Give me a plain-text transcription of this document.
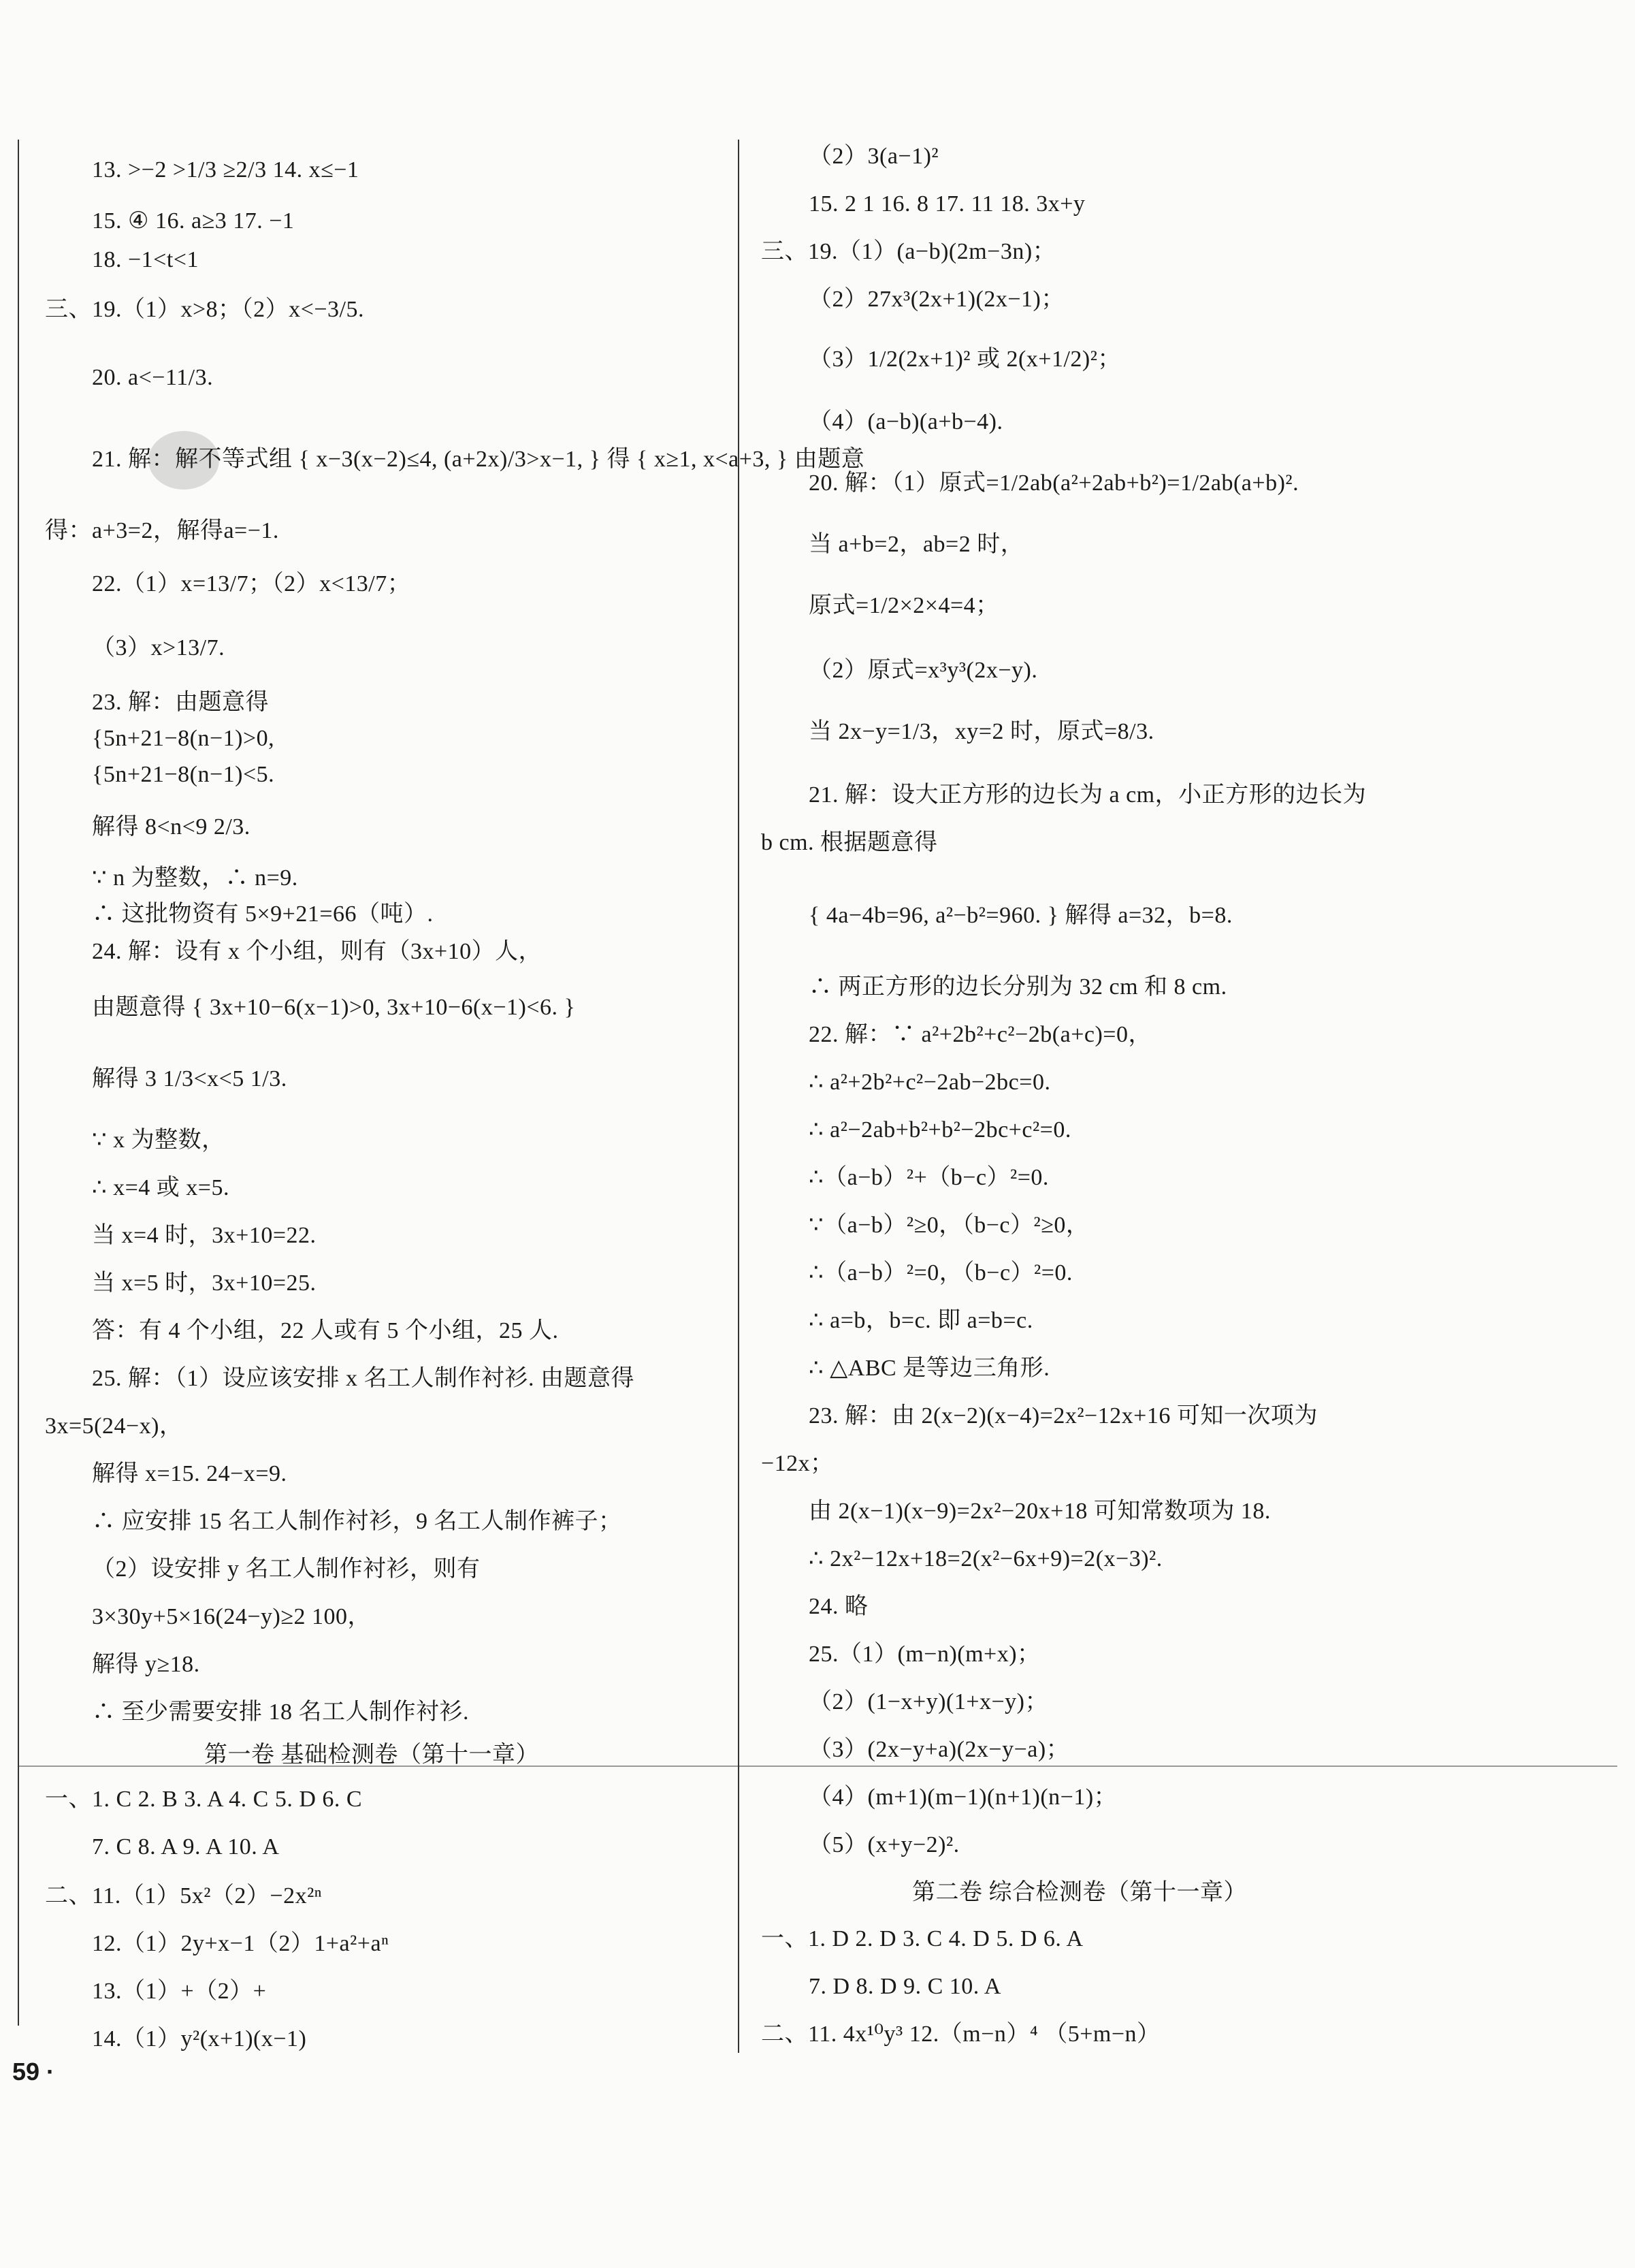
13. >−2 >1/3 ≥2/3 14. x≤−1
15. ④ 16. a≥3 17. −1
18. −1<t<1
三、19.（1）x>8；（2）x<−3/5.
20. a<−11/3.
21. 解：解不等式组 { x−3(x−2)≤4, (a+2x)/3>x−1, } 得 { x≥1, x<a+3, } 由题意
得：a+3=2，解得a=−1.
22.（1）x=13/7；（2）x<13/7；
（3）x>13/7.
23. 解：由题意得
{5n+21−8(n−1)>0,
{5n+21−8(n−1)<5.
解得 8<n<9 2/3.
∵ n 为整数，∴ n=9.
∴ 这批物资有 5×9+21=66（吨）.
24. 解：设有 x 个小组，则有（3x+10）人，
由题意得 { 3x+10−6(x−1)>0, 3x+10−6(x−1)<6. }
解得 3 1/3<x<5 1/3.
∵ x 为整数，
∴ x=4 或 x=5.
当 x=4 时，3x+10=22.
当 x=5 时，3x+10=25.
答：有 4 个小组，22 人或有 5 个小组，25 人.
25. 解：（1）设应该安排 x 名工人制作衬衫. 由题意得
3x=5(24−x)，
解得 x=15. 24−x=9.
∴ 应安排 15 名工人制作衬衫，9 名工人制作裤子；
（2）设安排 y 名工人制作衬衫，则有
3×30y+5×16(24−y)≥2 100，
解得 y≥18.
∴ 至少需要安排 18 名工人制作衬衫.
第一卷 基础检测卷（第十一章）
一、1. C 2. B 3. A 4. C 5. D 6. C
7. C 8. A 9. A 10. A
二、11.（1）5x²（2）−2x²ⁿ
12.（1）2y+x−1（2）1+a²+aⁿ
13.（1）+（2）+
14.（1）y²(x+1)(x−1)
（2）3(a−1)²
15. 2 1 16. 8 17. 11 18. 3x+y
三、19.（1）(a−b)(2m−3n)；
（2）27x³(2x+1)(2x−1)；
（3）1/2(2x+1)² 或 2(x+1/2)²；
（4）(a−b)(a+b−4).
20. 解：（1）原式=1/2ab(a²+2ab+b²)=1/2ab(a+b)².
当 a+b=2，ab=2 时，
原式=1/2×2×4=4；
（2）原式=x³y³(2x−y).
当 2x−y=1/3，xy=2 时，原式=8/3.
21. 解：设大正方形的边长为 a cm，小正方形的边长为
b cm. 根据题意得
{ 4a−4b=96, a²−b²=960. } 解得 a=32，b=8.
∴ 两正方形的边长分别为 32 cm 和 8 cm.
22. 解：∵ a²+2b²+c²−2b(a+c)=0，
∴ a²+2b²+c²−2ab−2bc=0.
∴ a²−2ab+b²+b²−2bc+c²=0.
∴（a−b）²+（b−c）²=0.
∵（a−b）²≥0，（b−c）²≥0，
∴（a−b）²=0，（b−c）²=0.
∴ a=b，b=c. 即 a=b=c.
∴ △ABC 是等边三角形.
23. 解：由 2(x−2)(x−4)=2x²−12x+16 可知一次项为
−12x；
由 2(x−1)(x−9)=2x²−20x+18 可知常数项为 18.
∴ 2x²−12x+18=2(x²−6x+9)=2(x−3)².
24. 略
25.（1）(m−n)(m+x)；
（2）(1−x+y)(1+x−y)；
（3）(2x−y+a)(2x−y−a)；
（4）(m+1)(m−1)(n+1)(n−1)；
（5）(x+y−2)².
第二卷 综合检测卷（第十一章）
一、1. D 2. D 3. C 4. D 5. D 6. A
7. D 8. D 9. C 10. A
二、11. 4x¹⁰y³ 12.（m−n）⁴ （5+m−n）
59 ·
